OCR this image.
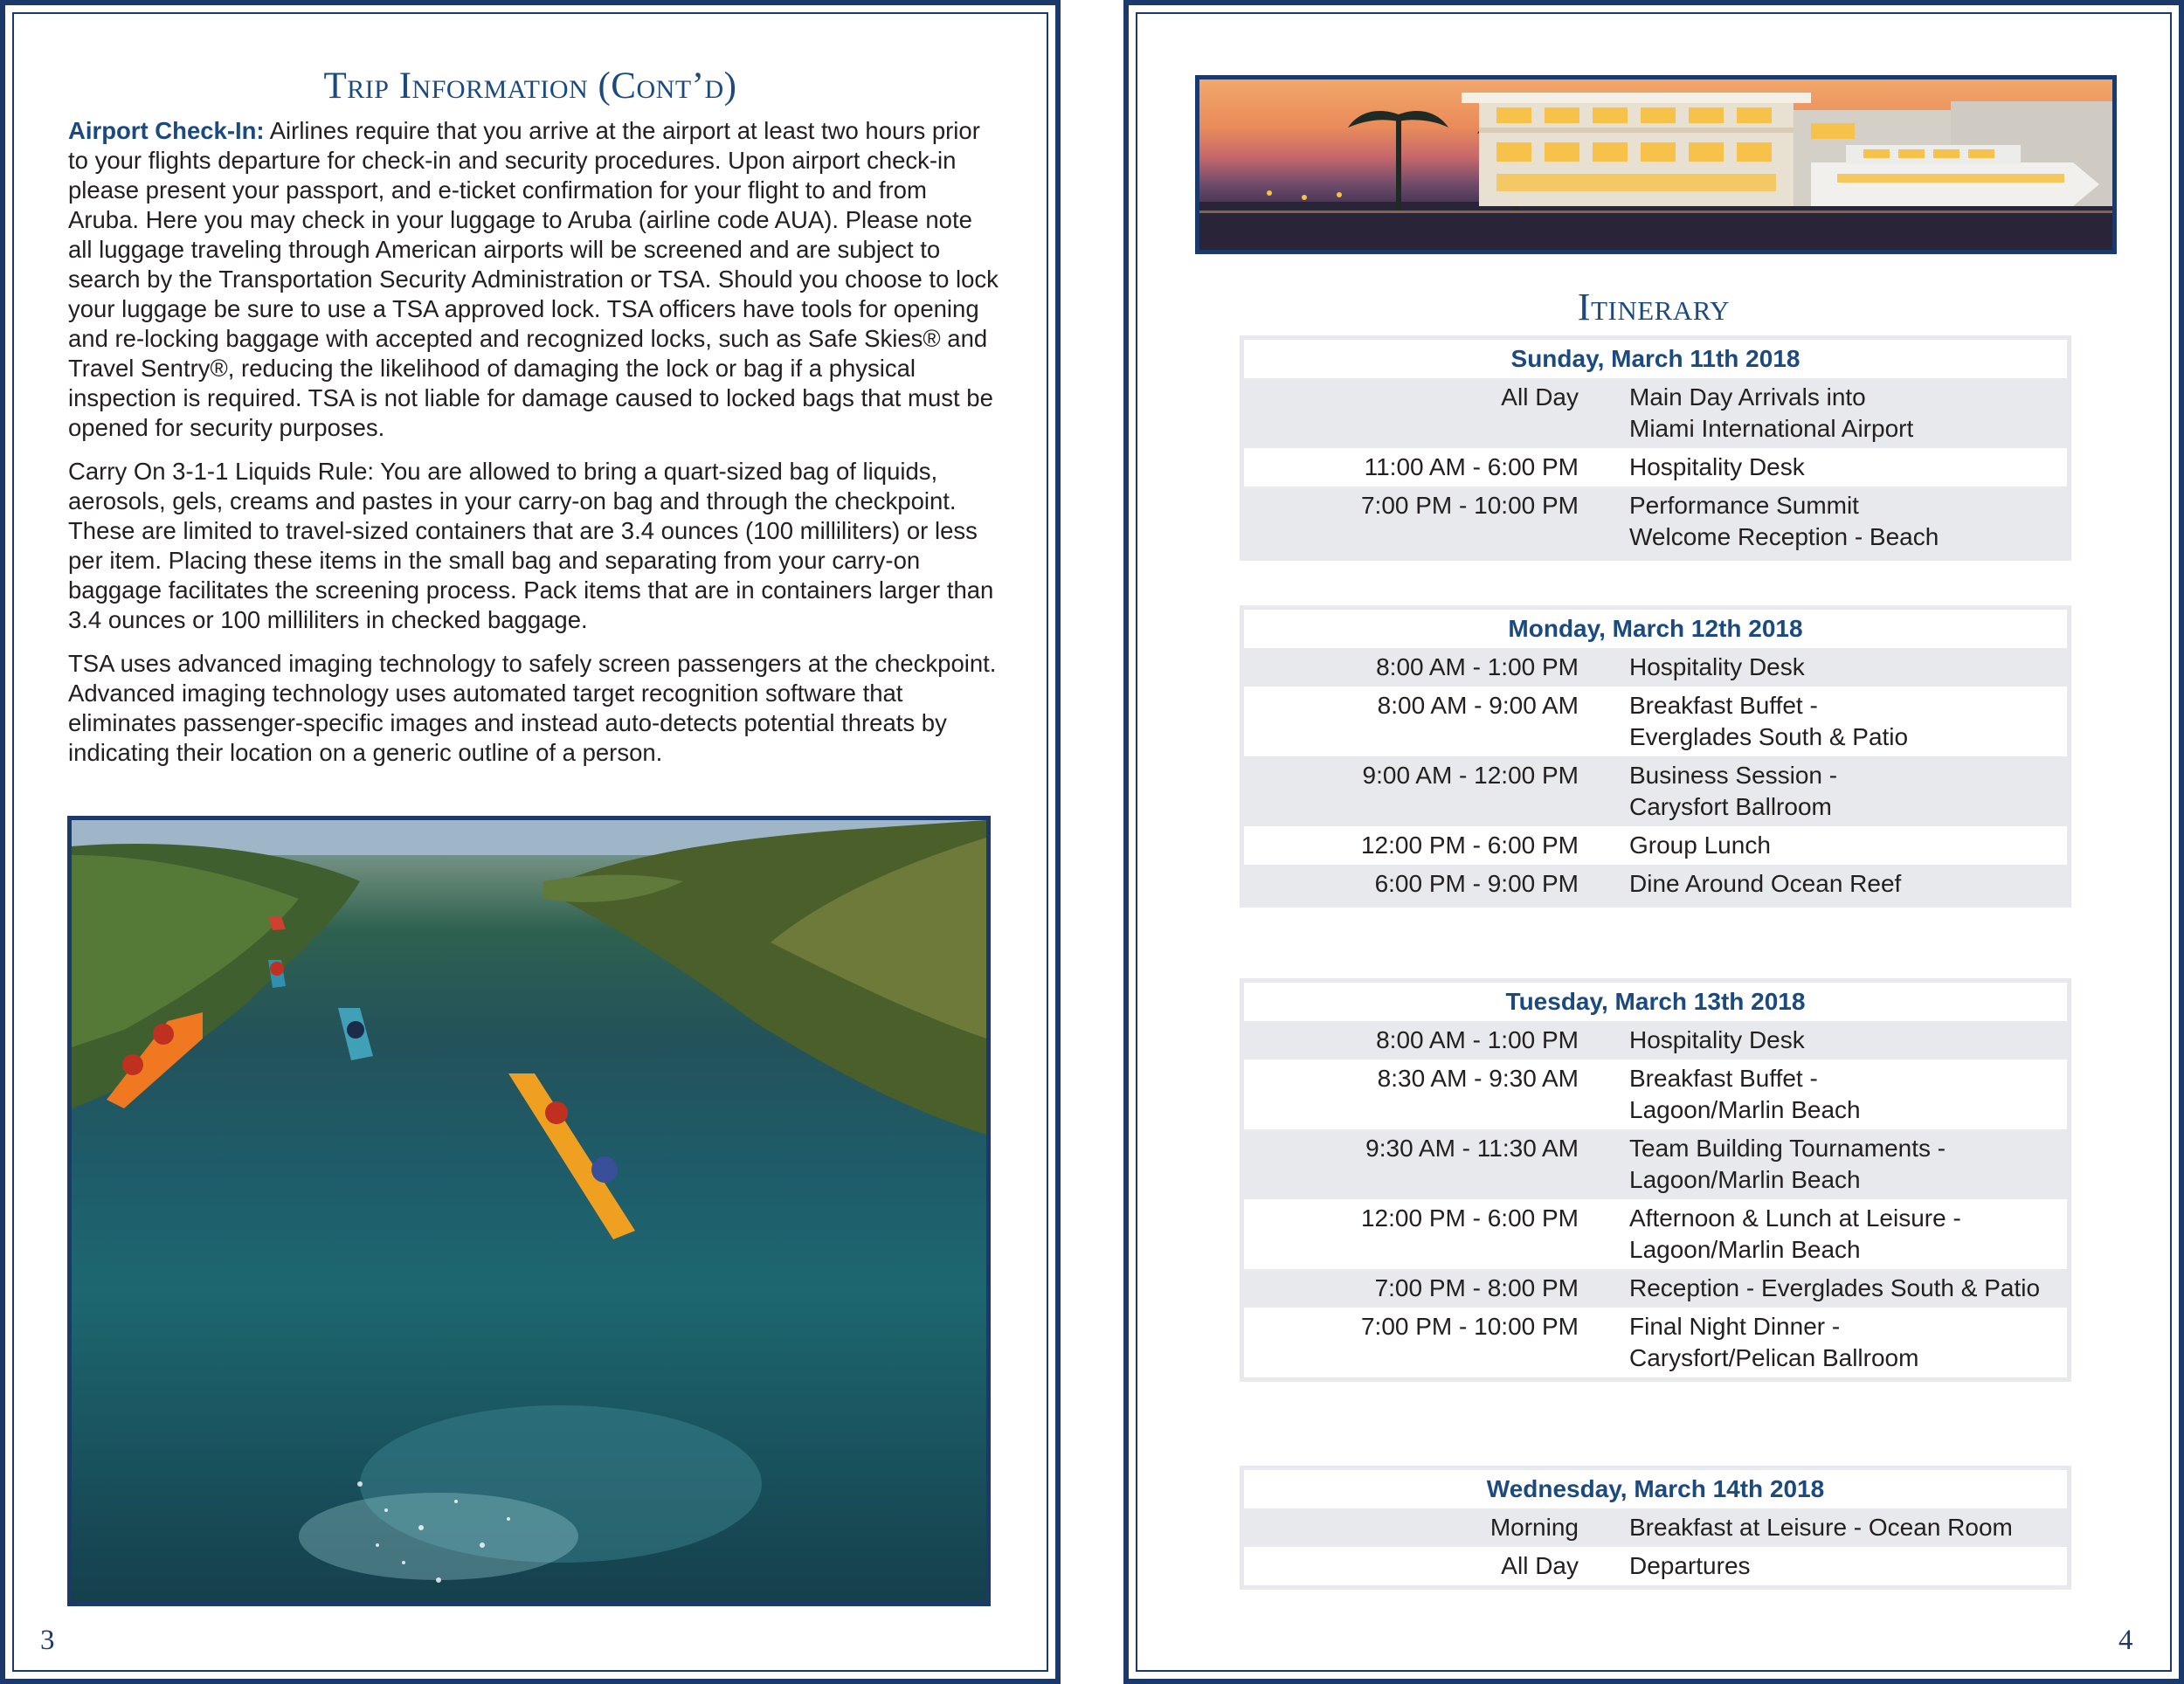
Trip Information (Cont’d)

Airport Check-In: Airlines require that you arrive at the airport at least two hours prior to your flights departure for check-in and security procedures. Upon airport check-in please present your passport, and e-ticket confirmation for your flight to and from Aruba. Here you may check in your luggage to Aruba (airline code AUA). Please note all luggage traveling through American airports will be screened and are subject to search by the Transportation Security Administration or TSA. Should you choose to lock your luggage be sure to use a TSA approved lock. TSA officers have tools for opening and re-locking baggage with accepted and recognized locks, such as Safe Skies® and Travel Sentry®, reducing the likelihood of damaging the lock or bag if a physical inspection is required. TSA is not liable for damage caused to locked bags that must be opened for security purposes.

Carry On 3-1-1 Liquids Rule: You are allowed to bring a quart-sized bag of liquids, aerosols, gels, creams and pastes in your carry-on bag and through the checkpoint. These are limited to travel-sized containers that are 3.4 ounces (100 milliliters) or less per item. Placing these items in the small bag and separating from your carry-on baggage facilitates the screening process. Pack items that are in containers larger than 3.4 ounces or 100 milliliters in checked baggage.

TSA uses advanced imaging technology to safely screen passengers at the checkpoint. Advanced imaging technology uses automated target recognition software that eliminates passenger-specific images and instead auto-detects potential threats by indicating their location on a generic outline of a person.

3
Itinerary
Sunday, March 11th 2018
All Day	Main Day Arrivals into
Miami International Airport
11:00 AM - 6:00 PM	Hospitality Desk
7:00 PM - 10:00 PM	Performance Summit
Welcome Reception - Beach
Monday, March 12th 2018
8:00 AM - 1:00 PM	Hospitality Desk
8:00 AM - 9:00 AM	Breakfast Buffet -
Everglades South & Patio
9:00 AM - 12:00 PM	Business Session -
Carysfort Ballroom
12:00 PM - 6:00 PM	Group Lunch
6:00 PM - 9:00 PM	Dine Around Ocean Reef
Tuesday, March 13th 2018
8:00 AM - 1:00 PM	Hospitality Desk
8:30 AM - 9:30 AM	Breakfast Buffet -
Lagoon/Marlin Beach
9:30 AM - 11:30 AM	Team Building Tournaments -
Lagoon/Marlin Beach
12:00 PM - 6:00 PM	Afternoon & Lunch at Leisure -
Lagoon/Marlin Beach
7:00 PM - 8:00 PM	Reception - Everglades South & Patio
7:00 PM - 10:00 PM	Final Night Dinner -
Carysfort/Pelican Ballroom
Wednesday, March 14th 2018
Morning	Breakfast at Leisure - Ocean Room
All Day	Departures
4
